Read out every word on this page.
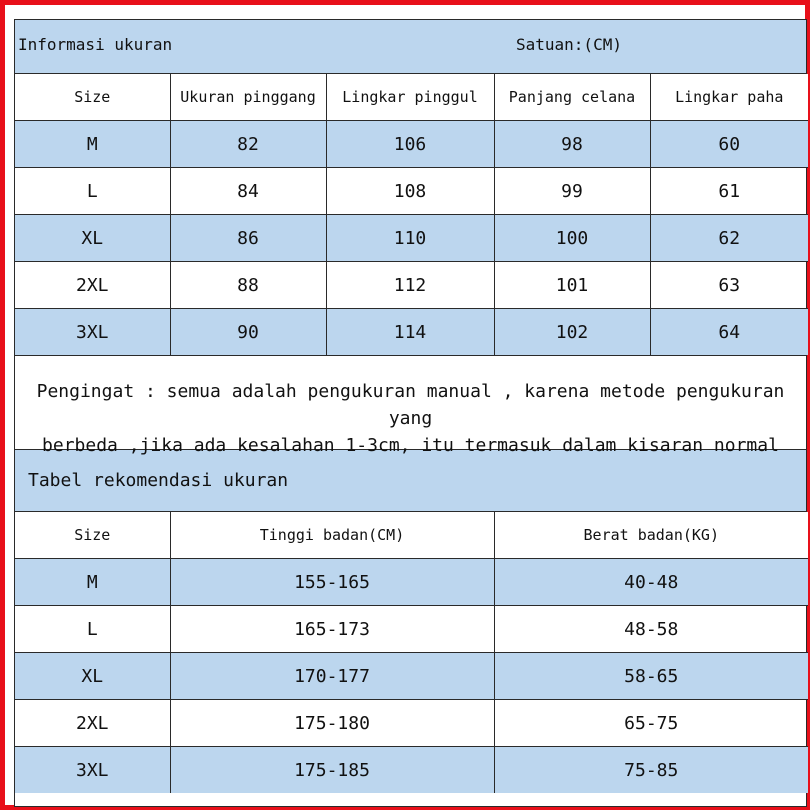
Informasi ukuran	Satuan:(CM)
Size	Ukuran pinggang	Lingkar pinggul	Panjang celana	Lingkar paha
M	82	106	98	60
L	84	108	99	61
XL	86	110	100	62
2XL	88	112	101	63
3XL	90	114	102	64
Pengingat : semua adalah pengukuran manual , karena metode pengukuran yang
berbeda ,jika ada kesalahan 1-3cm, itu termasuk dalam kisaran normal
Tabel rekomendasi ukuran
Size	Tinggi badan(CM)	Berat badan(KG)
M	155-165	40-48
L	165-173	48-58
XL	170-177	58-65
2XL	175-180	65-75
3XL	175-185	75-85
